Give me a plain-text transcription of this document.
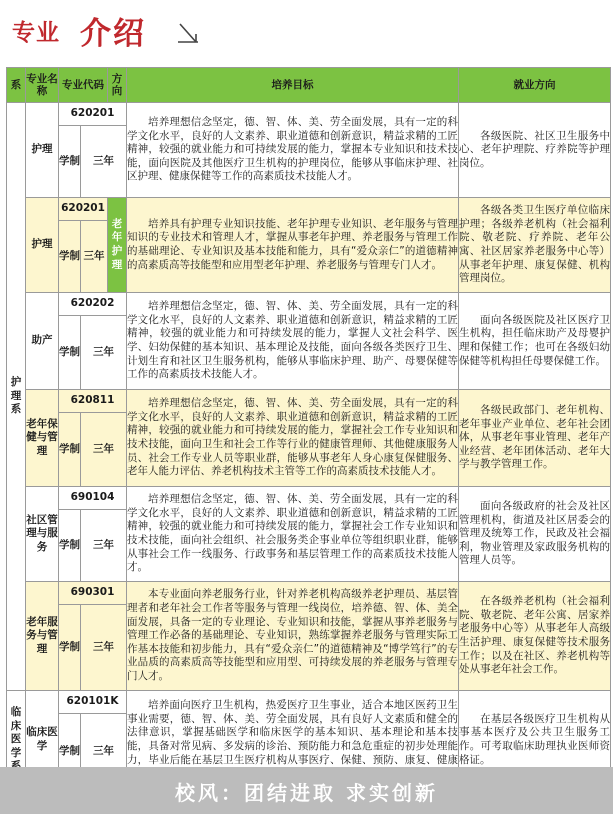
专业 介绍
系	专业名称	专业代码		方向	培养目标	就业方向
护理系	护理	620201			培养理想信念坚定，德、智、体、美、劳全面发展，具有一定的科学文化水平，良好的人文素养、职业道德和创新意识，精益求精的工匠精神，较强的就业能力和可持续发展的能力，掌握本专业知识和技术技能，面向医院及其他医疗卫生机构的护理岗位，能够从事临床护理、社区护理、健康保健等工作的高素质技术技能人才。	各级医院、社区卫生服务中心、老年护理院、疗养院等护理岗位。

		学制	三年			
	护理	620201		老年护理	培养具有护理专业知识技能、老年护理专业知识、老年服务与管理知识的专业技术和管理人才，掌握从事老年护理、养老服务与管理工作的基础理论、专业知识及基本技能和能力，具有“爱众亲仁”的道德精神的高素质高等技能型和应用型老年护理、养老服务与管理专门人才。	各级各类卫生医疗单位临床护理；各级养老机构（社会福利院、敬老院、疗养院、老年公寓、社区居家养老服务中心等）从事老年护理、康复保健、机构管理岗位。

		学制	三年			
	助产	620202			培养理想信念坚定，德、智、体、美、劳全面发展，具有一定的科学文化水平，良好的人文素养、职业道德和创新意识，精益求精的工匠精神，较强的就业能力和可持续发展的能力，掌握人文社会科学、医学、妇幼保健的基本知识、基本理论及技能，面向各级各类医疗卫生、计划生育和社区卫生服务机构，能够从事临床护理、助产、母婴保健等工作的高素质技术技能人才。	面向各级医院及社区医疗卫生机构，担任临床助产及母婴护理和保健工作；也可在各级妇幼保健等机构担任母婴保健工作。

		学制	三年			
	老年保健与管理	620811			培养理想信念坚定，德、智、体、美、劳全面发展，具有一定的科学文化水平，良好的人文素养、职业道德和创新意识，精益求精的工匠精神，较强的就业能力和可持续发展的能力，掌握社会工作专业知识和技术技能，面向卫生和社会工作等行业的健康管理师、其他健康服务人员、社会工作专业人员等职业群，能够从事老年人身心康复保健服务、老年人能力评估、养老机构技术主管等工作的高素质技术技能人才。	各级民政部门、老年机构、老年事业产业单位、老年社会团体，从事老年事业管理、老年产业经营、老年团体活动、老年大学与教学管理工作。

		学制	三年			
	社区管理与服务	690104			培养理想信念坚定，德、智、体、美、劳全面发展，具有一定的科学文化水平，良好的人文素养、职业道德和创新意识，精益求精的工匠精神，较强的就业能力和可持续发展的能力，掌握社会工作专业知识和技术技能，面向社会组织、社会服务类企事业单位等组织职业群，能够从事社会工作一线服务、行政事务和基层管理工作的高素质技术技能人才。	面向各级政府的社会及社区管理机构，街道及社区居委会的管理及统筹工作，民政及社会福利，物业管理及家政服务机构的管理人员等。

		学制	三年			
	老年服务与管理	690301			本专业面向养老服务行业，针对养老机构高级养老护理员、基层管理者和老年社会工作者等服务与管理一线岗位，培养德、智、体、美全面发展，具备一定的专业理论、专业知识和技能，掌握从事养老服务与管理工作必备的基础理论、专业知识，熟练掌握养老服务与管理实际工作基本技能和初步能力，具有“爱众亲仁”的道德精神及“博学笃行”的专业品质的高素质高等技能型和应用型、可持续发展的养老服务与管理专门人才。	在各级养老机构（社会福利院、敬老院、老年公寓、居家养老服务中心等）从事老年人高级生活护理、康复保健等技术服务工作；以及在社区、养老机构等处从事老年社会工作。

		学制	三年			
临床医学	临床医学	620101K			培养面向医疗卫生机构，热爱医疗卫生事业，适合本地区医药卫生事业需要，德、智、体、美、劳全面发展，具有良好人文素质和健全的法律意识，掌握基础医学和临床医学的基本知识、基本理论和基本技能，具备对常见病、多发病的诊治、预防能力和急危重症的初步处理能力，毕业后能在基层卫生医疗机构从事医疗、保健、预防、康复、健康	在基层各级医疗卫生机构从事基本医疗及公共卫生服务工作。可考取临床助理执业医师资格证。

		学制	三年			
校风：团结进取 求实创新
